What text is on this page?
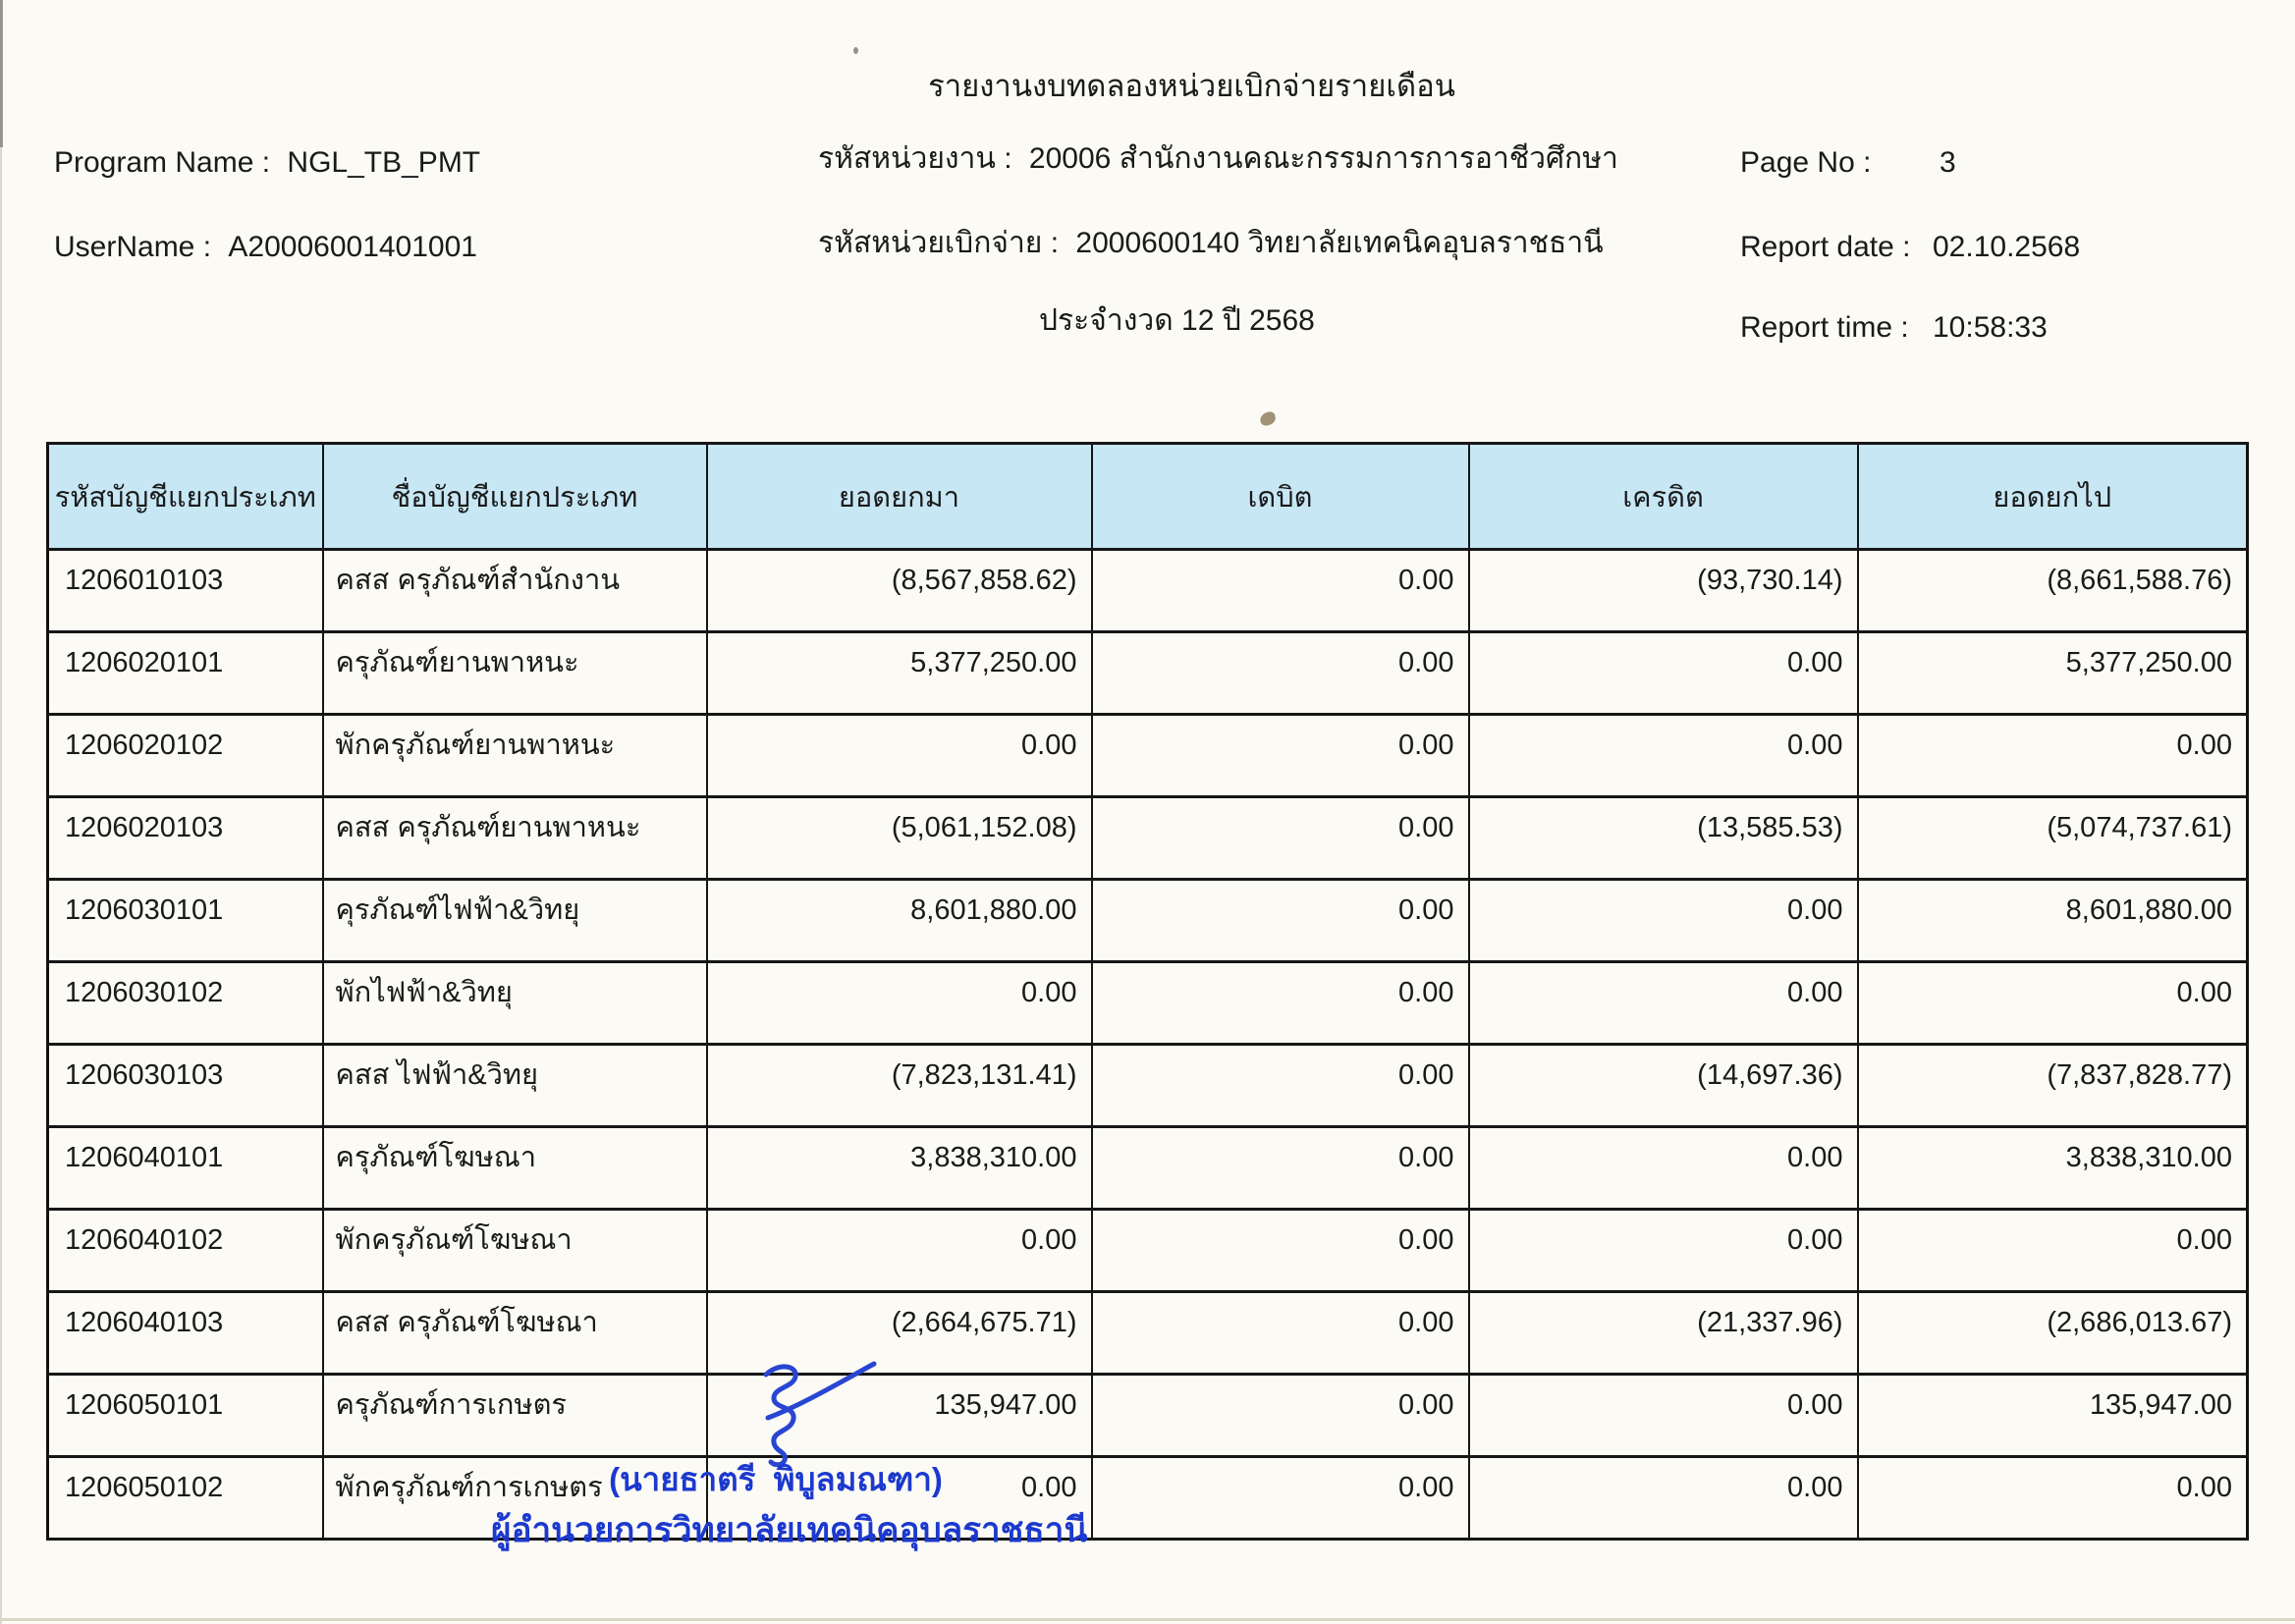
รายงานงบทดลองหน่วยเบิกจ่ายรายเดือน
Program Name : NGL_TB_PMT
UserName : A20006001401001
รหัสหน่วยงาน : 20006 สำนักงานคณะกรรมการการอาชีวศึกษา
รหัสหน่วยเบิกจ่าย : 2000600140 วิทยาลัยเทคนิคอุบลราชธานี
ประจำงวด 12 ปี 2568
Page No : 3
Report date : 02.10.2568
Report time : 10:58:33
รหัสบัญชีแยกประเภท	ชื่อบัญชีแยกประเภท	ยอดยกมา	เดบิต	เครดิต	ยอดยกไป
1206010103	คสส ครุภัณฑ์สำนักงาน	(8,567,858.62)	0.00	(93,730.14)	(8,661,588.76)
1206020101	ครุภัณฑ์ยานพาหนะ	5,377,250.00	0.00	0.00	5,377,250.00
1206020102	พักครุภัณฑ์ยานพาหนะ	0.00	0.00	0.00	0.00
1206020103	คสส ครุภัณฑ์ยานพาหนะ	(5,061,152.08)	0.00	(13,585.53)	(5,074,737.61)
1206030101	คุรภัณฑ์ไฟฟ้า&วิทยุ	8,601,880.00	0.00	0.00	8,601,880.00
1206030102	พักไฟฟ้า&วิทยุ	0.00	0.00	0.00	0.00
1206030103	คสส ไฟฟ้า&วิทยุ	(7,823,131.41)	0.00	(14,697.36)	(7,837,828.77)
1206040101	ครุภัณฑ์โฆษณา	3,838,310.00	0.00	0.00	3,838,310.00
1206040102	พักครุภัณฑ์โฆษณา	0.00	0.00	0.00	0.00
1206040103	คสส ครุภัณฑ์โฆษณา	(2,664,675.71)	0.00	(21,337.96)	(2,686,013.67)
1206050101	ครุภัณฑ์การเกษตร	135,947.00	0.00	0.00	135,947.00
1206050102	พักครุภัณฑ์การเกษตร	0.00	0.00	0.00	0.00
(นายธาตรี  พิบูลมณฑา)
ผู้อำนวยการวิทยาลัยเทคนิคอุบลราชธานี
